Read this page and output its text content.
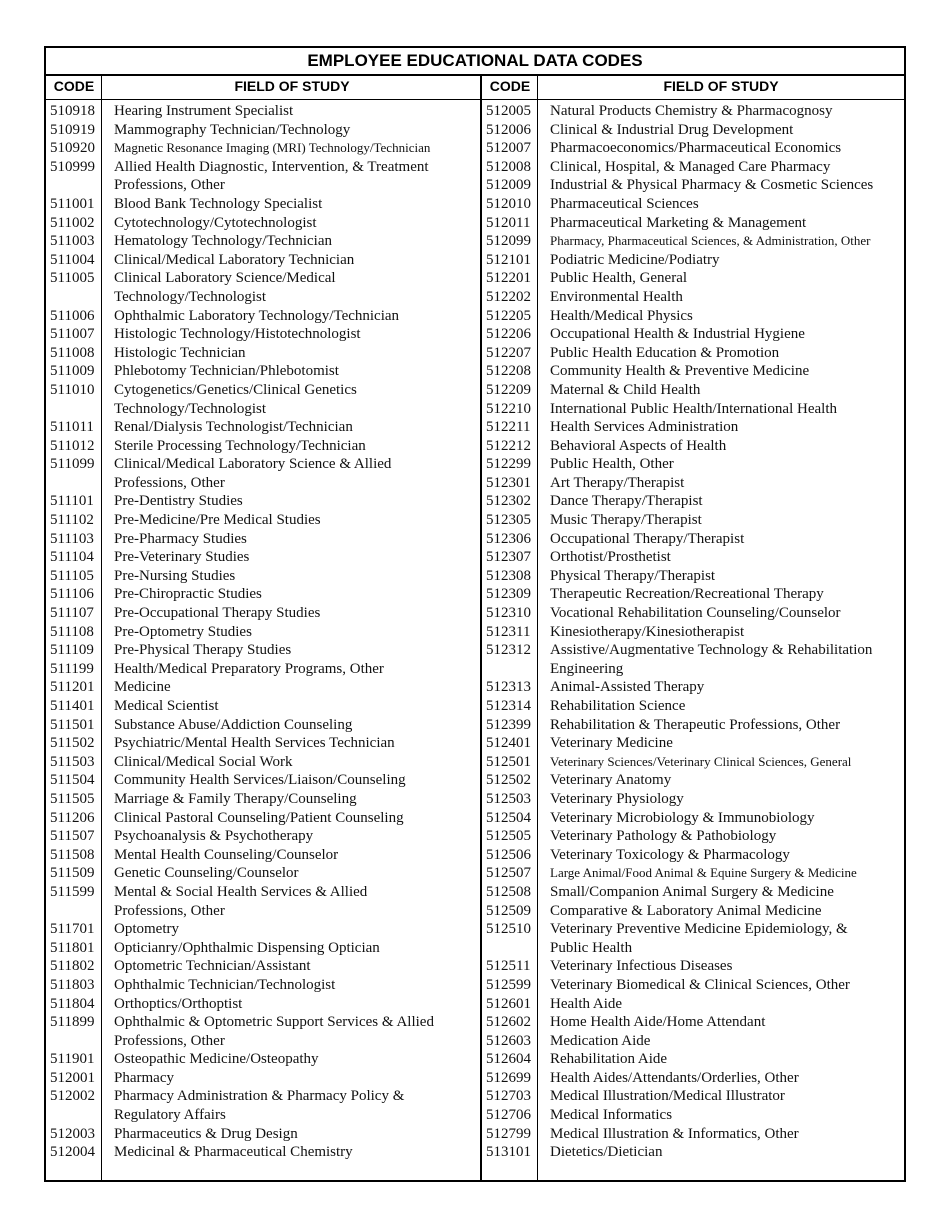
EMPLOYEE EDUCATIONAL DATA CODES
CODE	FIELD OF STUDY	CODE	FIELD OF STUDY
510918	Hearing Instrument Specialist
510919	Mammography Technician/Technology
510920	Magnetic Resonance Imaging (MRI) Technology/Technician
510999	Allied Health Diagnostic, Intervention, & Treatment
Professions, Other
511001	Blood Bank Technology Specialist
511002	Cytotechnology/Cytotechnologist
511003	Hematology Technology/Technician
511004	Clinical/Medical Laboratory Technician
511005	Clinical Laboratory Science/Medical
Technology/Technologist
511006	Ophthalmic Laboratory Technology/Technician
511007	Histologic Technology/Histotechnologist
511008	Histologic Technician
511009	Phlebotomy Technician/Phlebotomist
511010	Cytogenetics/Genetics/Clinical Genetics
Technology/Technologist
511011	Renal/Dialysis Technologist/Technician
511012	Sterile Processing Technology/Technician
511099	Clinical/Medical Laboratory Science & Allied
Professions, Other
511101	Pre-Dentistry Studies
511102	Pre-Medicine/Pre Medical Studies
511103	Pre-Pharmacy Studies
511104	Pre-Veterinary Studies
511105	Pre-Nursing Studies
511106	Pre-Chiropractic Studies
511107	Pre-Occupational Therapy Studies
511108	Pre-Optometry Studies
511109	Pre-Physical Therapy Studies
511199	Health/Medical Preparatory Programs, Other
511201	Medicine
511401	Medical Scientist
511501	Substance Abuse/Addiction Counseling
511502	Psychiatric/Mental Health Services Technician
511503	Clinical/Medical Social Work
511504	Community Health Services/Liaison/Counseling
511505	Marriage & Family Therapy/Counseling
511206	Clinical Pastoral Counseling/Patient Counseling
511507	Psychoanalysis & Psychotherapy
511508	Mental Health Counseling/Counselor
511509	Genetic Counseling/Counselor
511599	Mental & Social Health Services & Allied
Professions, Other
511701	Optometry
511801	Opticianry/Ophthalmic Dispensing Optician
511802	Optometric Technician/Assistant
511803	Ophthalmic Technician/Technologist
511804	Orthoptics/Orthoptist
511899	Ophthalmic & Optometric Support Services & Allied
Professions, Other
511901	Osteopathic Medicine/Osteopathy
512001	Pharmacy
512002	Pharmacy Administration & Pharmacy Policy &
Regulatory Affairs
512003	Pharmaceutics & Drug Design
512004	Medicinal & Pharmaceutical Chemistry
512005	Natural Products Chemistry & Pharmacognosy
512006	Clinical & Industrial Drug Development
512007	Pharmacoeconomics/Pharmaceutical Economics
512008	Clinical, Hospital, & Managed Care Pharmacy
512009	Industrial & Physical Pharmacy & Cosmetic Sciences
512010	Pharmaceutical Sciences
512011	Pharmaceutical Marketing & Management
512099	Pharmacy, Pharmaceutical Sciences, & Administration, Other
512101	Podiatric Medicine/Podiatry
512201	Public Health, General
512202	Environmental Health
512205	Health/Medical Physics
512206	Occupational Health & Industrial Hygiene
512207	Public Health Education & Promotion
512208	Community Health & Preventive Medicine
512209	Maternal & Child Health
512210	International Public Health/International Health
512211	Health Services Administration
512212	Behavioral Aspects of Health
512299	Public Health, Other
512301	Art Therapy/Therapist
512302	Dance Therapy/Therapist
512305	Music Therapy/Therapist
512306	Occupational Therapy/Therapist
512307	Orthotist/Prosthetist
512308	Physical Therapy/Therapist
512309	Therapeutic Recreation/Recreational Therapy
512310	Vocational Rehabilitation Counseling/Counselor
512311	Kinesiotherapy/Kinesiotherapist
512312	Assistive/Augmentative Technology & Rehabilitation
Engineering
512313	Animal-Assisted Therapy
512314	Rehabilitation Science
512399	Rehabilitation & Therapeutic Professions, Other
512401	Veterinary Medicine
512501	Veterinary Sciences/Veterinary Clinical Sciences, General
512502	Veterinary Anatomy
512503	Veterinary Physiology
512504	Veterinary Microbiology & Immunobiology
512505	Veterinary Pathology & Pathobiology
512506	Veterinary Toxicology & Pharmacology
512507	Large Animal/Food Animal & Equine Surgery & Medicine
512508	Small/Companion Animal Surgery & Medicine
512509	Comparative & Laboratory Animal Medicine
512510	Veterinary Preventive Medicine Epidemiology, &
Public Health
512511	Veterinary Infectious Diseases
512599	Veterinary Biomedical & Clinical Sciences, Other
512601	Health Aide
512602	Home Health Aide/Home Attendant
512603	Medication Aide
512604	Rehabilitation Aide
512699	Health Aides/Attendants/Orderlies, Other
512703	Medical Illustration/Medical Illustrator
512706	Medical Informatics
512799	Medical Illustration & Informatics, Other
513101	Dietetics/Dietician
